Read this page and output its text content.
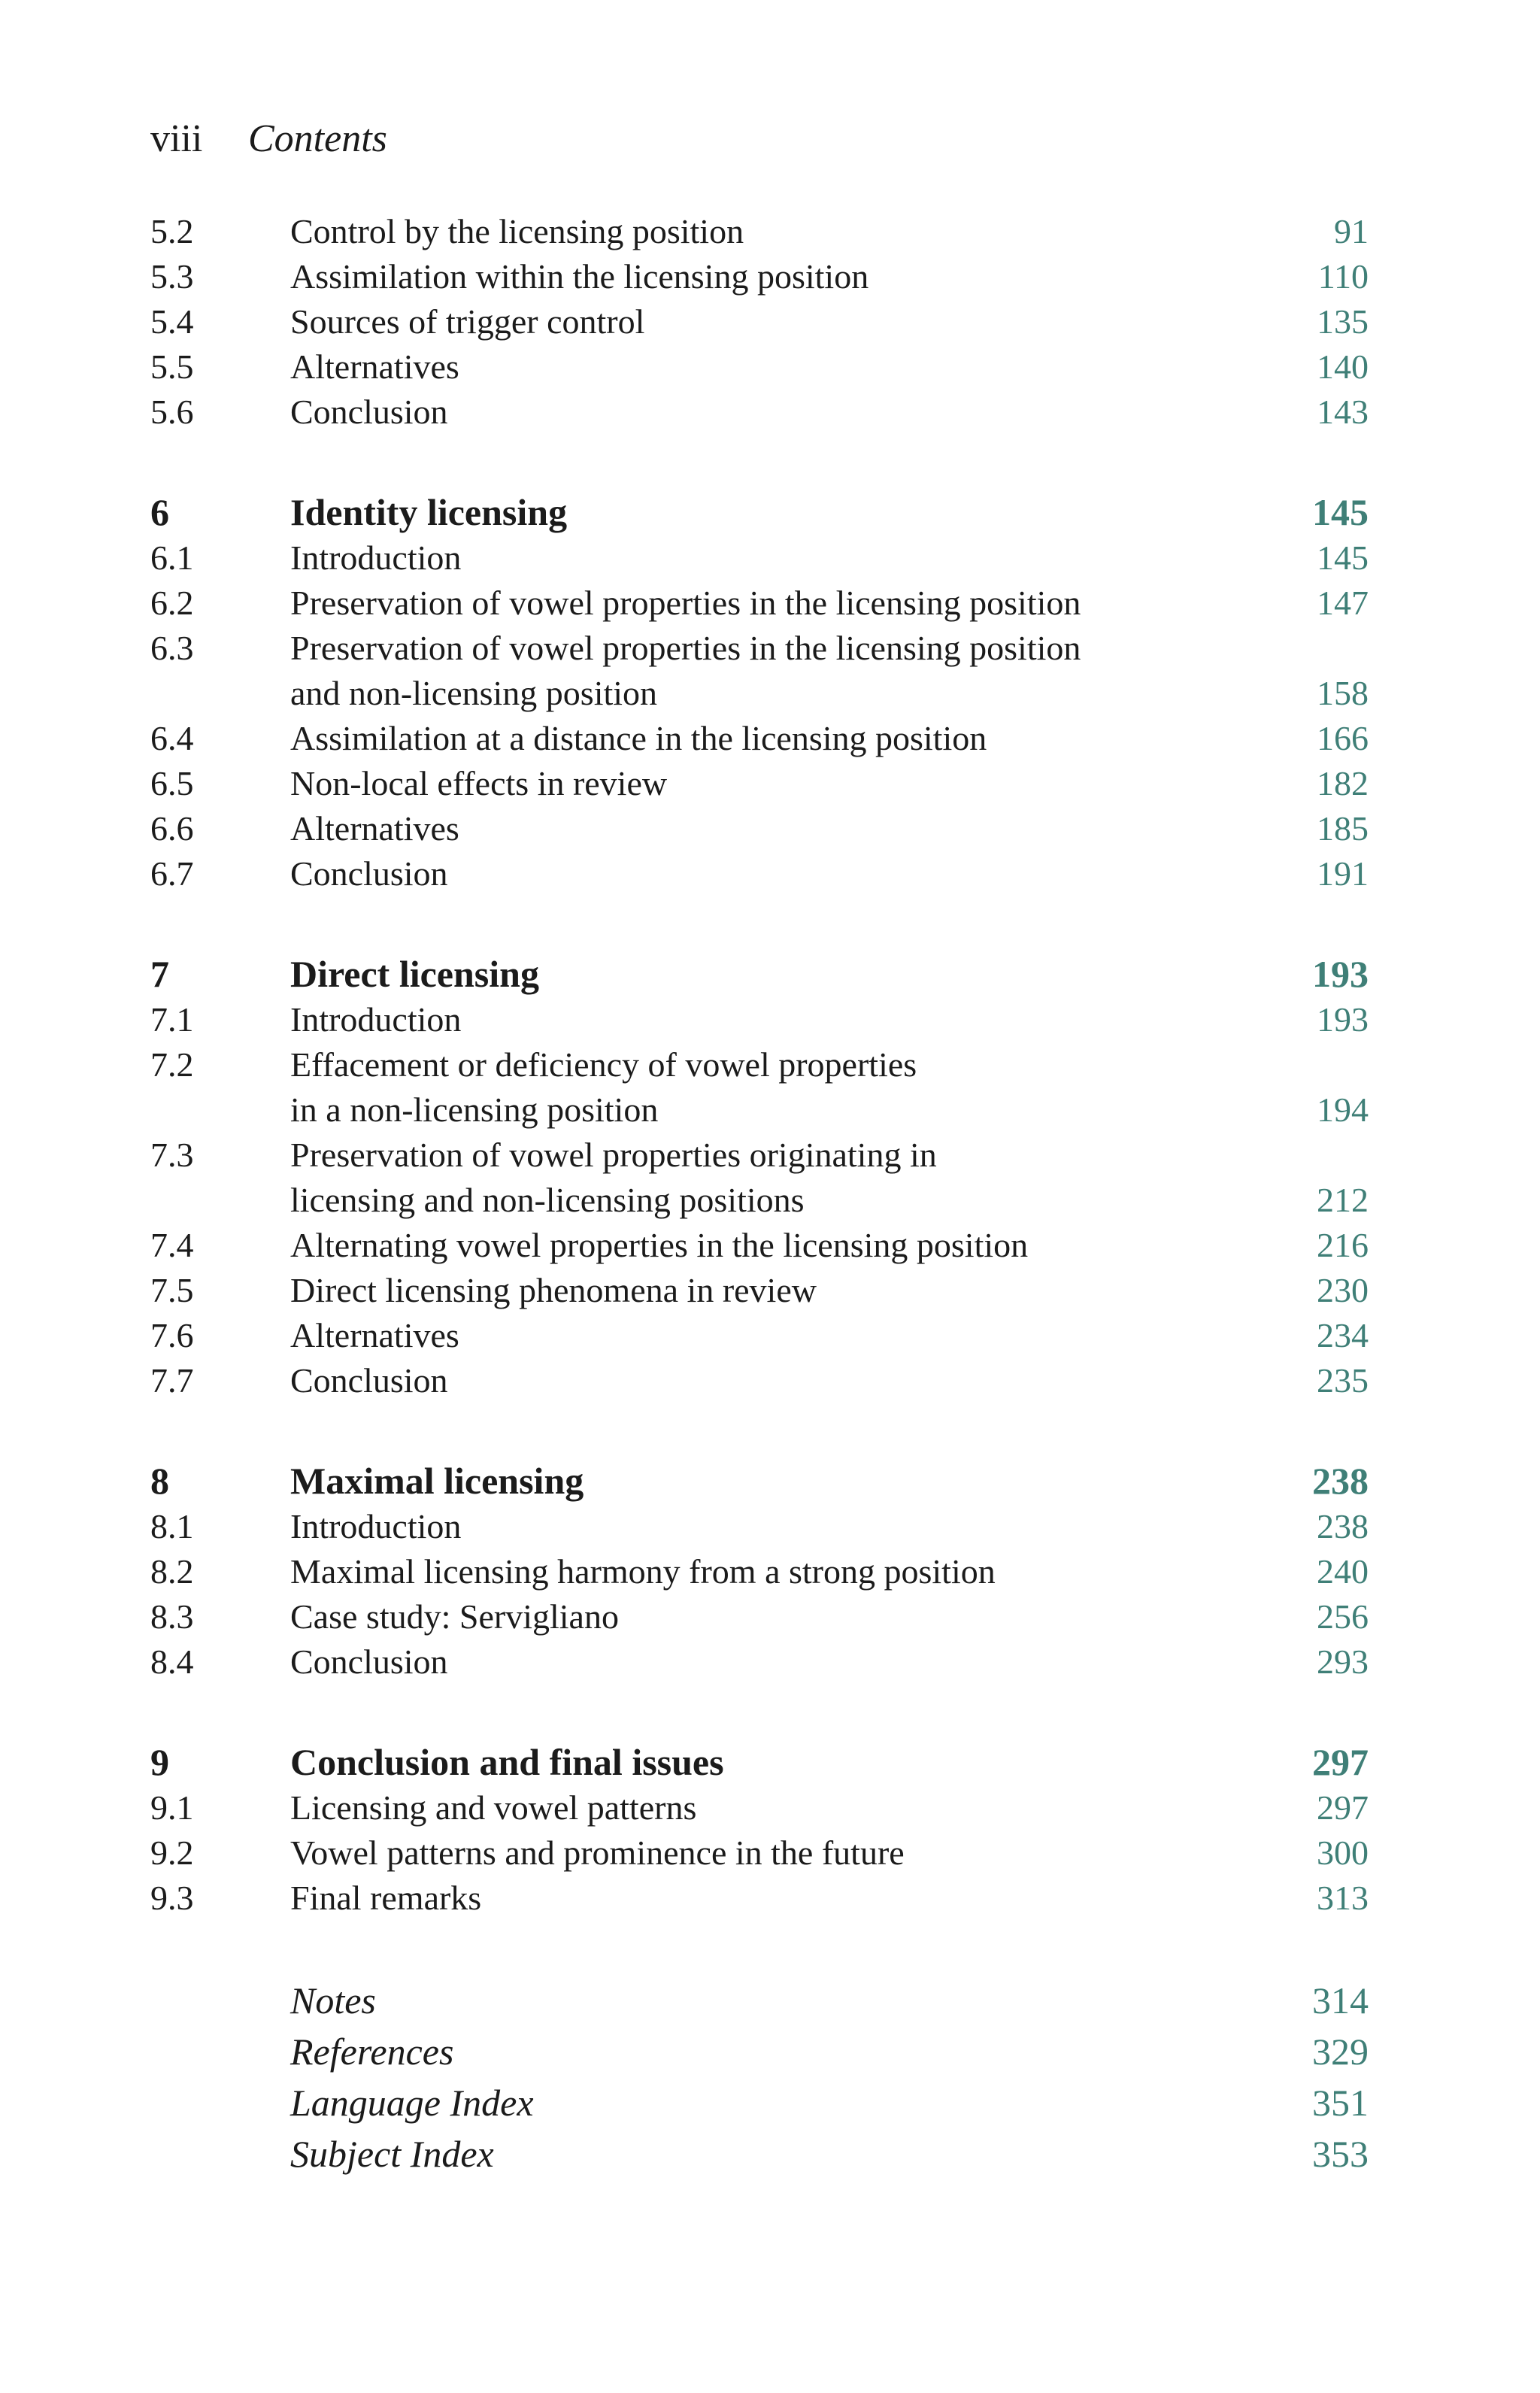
viii Contents
5.2	Control by the licensing position	91
5.3	Assimilation within the licensing position	110
5.4	Sources of trigger control	135
5.5	Alternatives	140
5.6	Conclusion	143
6	Identity licensing	145
6.1	Introduction	145
6.2	Preservation of vowel properties in the licensing position	147
6.3	Preservation of vowel properties in the licensing position
and non-licensing position	158
6.4	Assimilation at a distance in the licensing position	166
6.5	Non-local effects in review	182
6.6	Alternatives	185
6.7	Conclusion	191
7	Direct licensing	193
7.1	Introduction	193
7.2	Effacement or deficiency of vowel properties
in a non-licensing position	194
7.3	Preservation of vowel properties originating in
licensing and non-licensing positions	212
7.4	Alternating vowel properties in the licensing position	216
7.5	Direct licensing phenomena in review	230
7.6	Alternatives	234
7.7	Conclusion	235
8	Maximal licensing	238
8.1	Introduction	238
8.2	Maximal licensing harmony from a strong position	240
8.3	Case study: Servigliano	256
8.4	Conclusion	293
9	Conclusion and final issues	297
9.1	Licensing and vowel patterns	297
9.2	Vowel patterns and prominence in the future	300
9.3	Final remarks	313
Notes	314
References	329
Language Index	351
Subject Index	353
